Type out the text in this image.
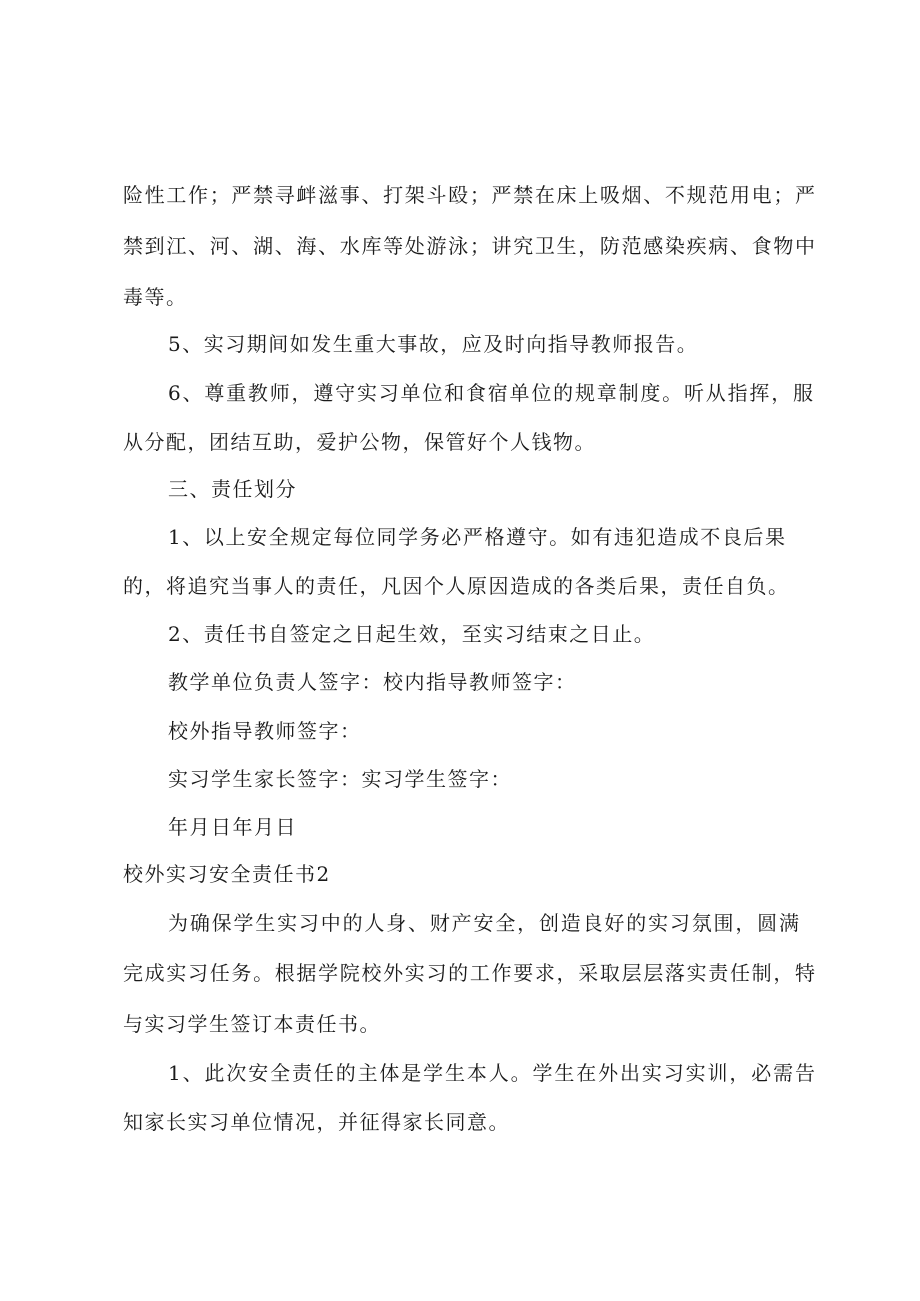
险性工作；严禁寻衅滋事、打架斗殴；严禁在床上吸烟、不规范用电；严
禁到江、河、湖、海、水库等处游泳；讲究卫生，防范感染疾病、食物中
毒等。
5、实习期间如发生重大事故，应及时向指导教师报告。
6、尊重教师，遵守实习单位和食宿单位的规章制度。听从指挥，服
从分配，团结互助，爱护公物，保管好个人钱物。
三、责任划分
1、以上安全规定每位同学务必严格遵守。如有违犯造成不良后果
的，将追究当事人的责任，凡因个人原因造成的各类后果，责任自负。
2、责任书自签定之日起生效，至实习结束之日止。
教学单位负责人签字：校内指导教师签字：
校外指导教师签字：
实习学生家长签字：实习学生签字：
年月日年月日
校外实习安全责任书2
为确保学生实习中的人身、财产安全，创造良好的实习氛围，圆满
完成实习任务。根据学院校外实习的工作要求，采取层层落实责任制，特
与实习学生签订本责任书。
1、此次安全责任的主体是学生本人。学生在外出实习实训，必需告
知家长实习单位情况，并征得家长同意。
